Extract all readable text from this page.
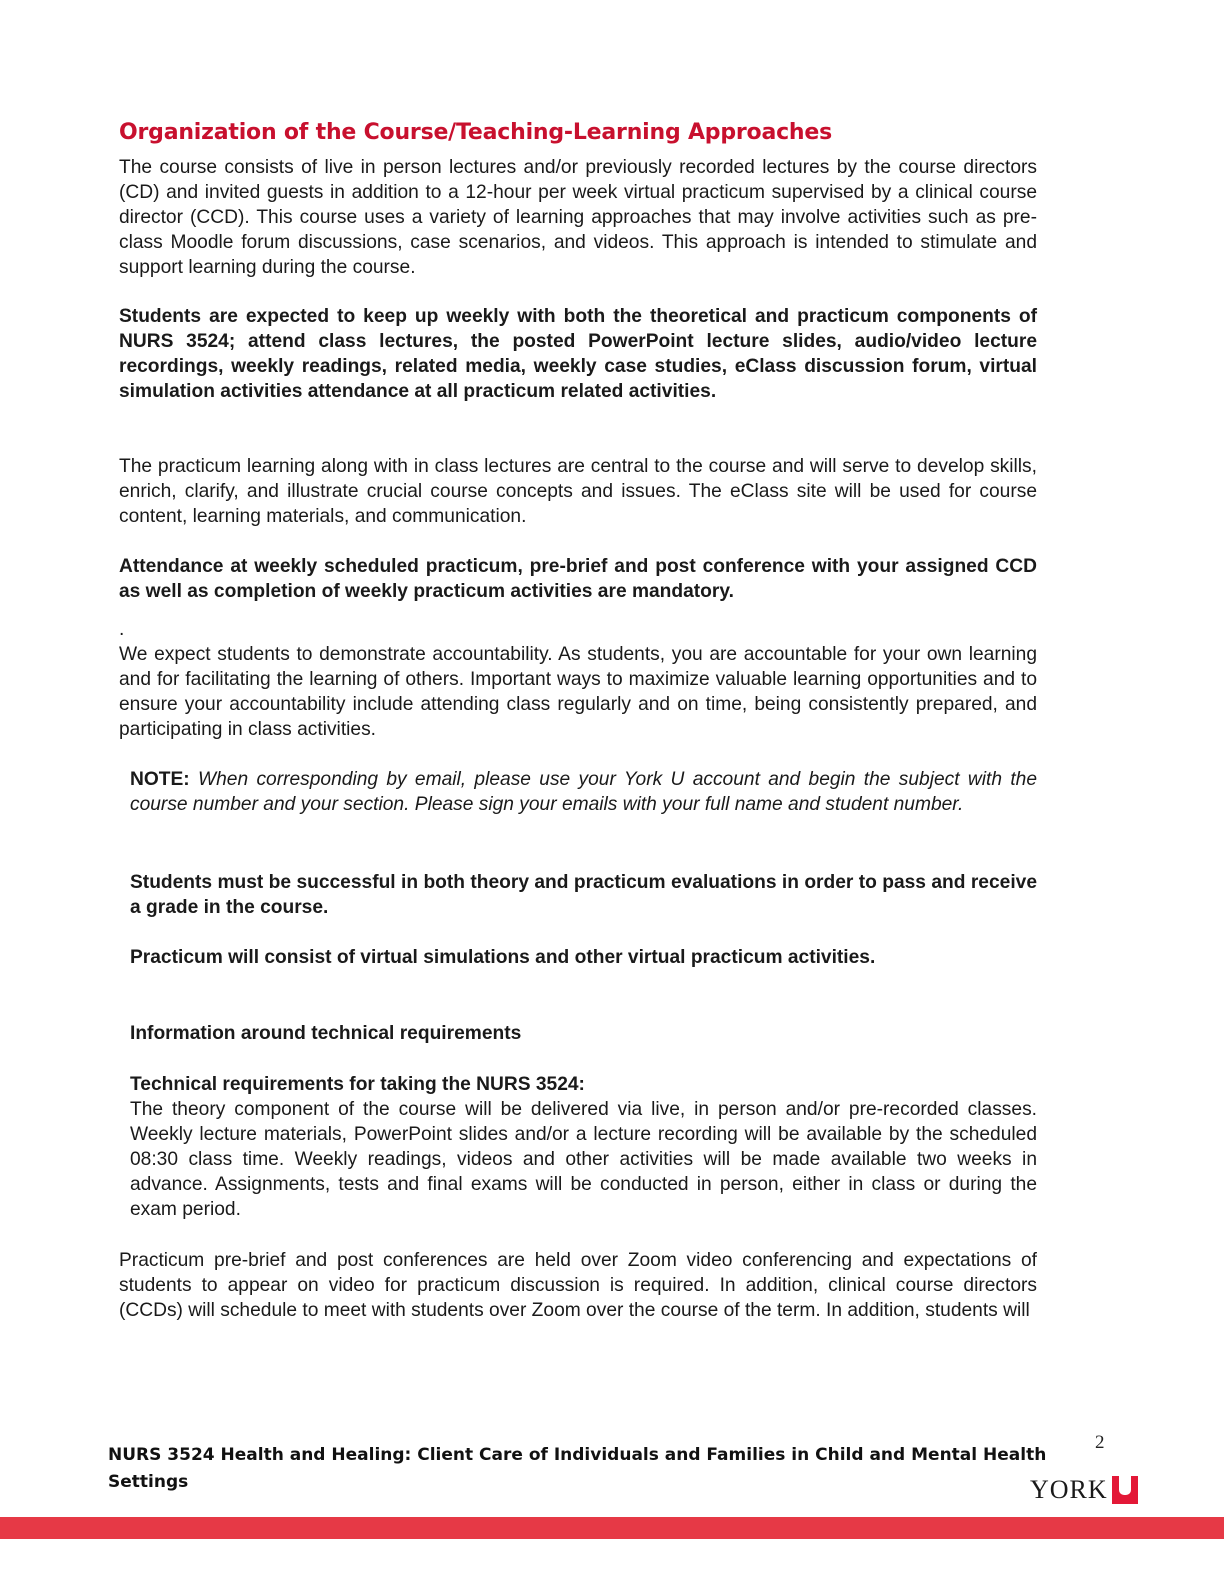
Organization of the Course/Teaching-Learning Approaches

The course consists of live in person lectures and/or previously recorded lectures by the course directors (CD) and invited guests in addition to a 12-hour per week virtual practicum supervised by a clinical course director (CCD). This course uses a variety of learning approaches that may involve activities such as pre-class Moodle forum discussions, case scenarios, and videos. This approach is intended to stimulate and support learning during the course.

Students are expected to keep up weekly with both the theoretical and practicum components of NURS 3524; attend class lectures, the posted PowerPoint lecture slides, audio/video lecture recordings, weekly readings, related media, weekly case studies, eClass discussion forum, virtual simulation activities attendance at all practicum related activities.

The practicum learning along with in class lectures are central to the course and will serve to develop skills, enrich, clarify, and illustrate crucial course concepts and issues. The eClass site will be used for course content, learning materials, and communication.

Attendance at weekly scheduled practicum, pre-brief and post conference with your assigned CCD as well as completion of weekly practicum activities are mandatory.

.

We expect students to demonstrate accountability. As students, you are accountable for your own learning and for facilitating the learning of others. Important ways to maximize valuable learning opportunities and to ensure your accountability include attending class regularly and on time, being consistently prepared, and participating in class activities.

NOTE: When corresponding by email, please use your York U account and begin the subject with the course number and your section. Please sign your emails with your full name and student number.

Students must be successful in both theory and practicum evaluations in order to pass and receive a grade in the course.

Practicum will consist of virtual simulations and other virtual practicum activities.

Information around technical requirements

Technical requirements for taking the NURS 3524:

The theory component of the course will be delivered via live, in person and/or pre-recorded classes. Weekly lecture materials, PowerPoint slides and/or a lecture recording will be available by the scheduled 08:30 class time. Weekly readings, videos and other activities will be made available two weeks in advance. Assignments, tests and final exams will be conducted in person, either in class or during the exam period.

Practicum pre-brief and post conferences are held over Zoom video conferencing and expectations of students to appear on video for practicum discussion is required. In addition, clinical course directors (CCDs) will schedule to meet with students over Zoom over the course of the term. In addition, students will

NURS 3524 Health and Healing: Client Care of Individuals and Families in Child and Mental Health Settings

2
YORK
